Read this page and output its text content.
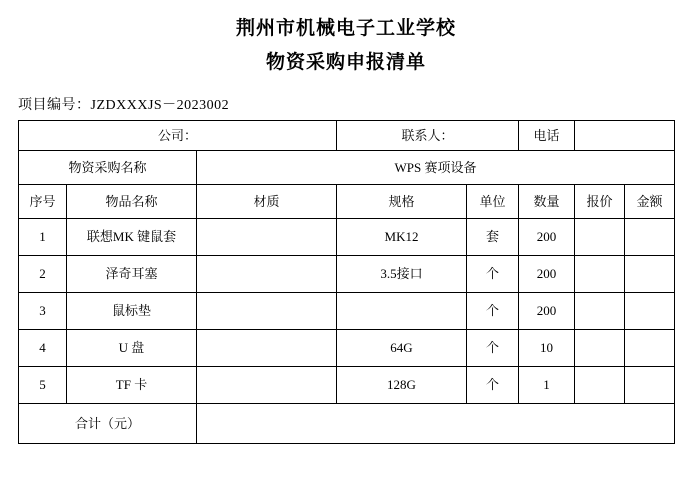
荆州市机械电子工业学校
物资采购申报清单
项目编号：JZDXXXJS－2023002
公司：			联系人：		电话		
物资采购名称		WPS 赛项设备					
序号	物品名称	材质	规格	单位	数量	报价	金额
1	联想MK 键鼠套		MK12	套	200		
2	泽奇耳塞		3.5接口	个	200		
3	鼠标垫			个	200		
4	U 盘		64G	个	10		
5	TF 卡		128G	个	1		
合计（元）							
